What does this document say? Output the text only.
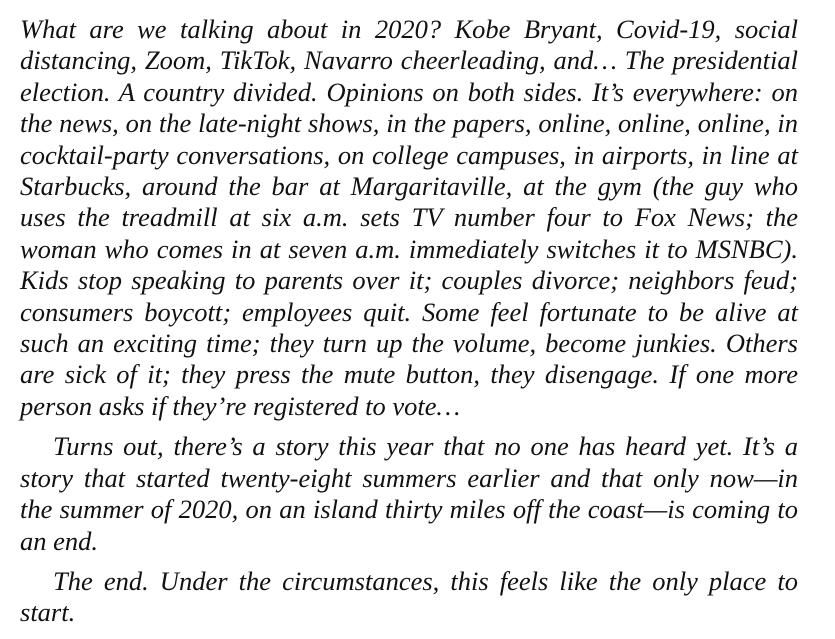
What are we talking about in 2020? Kobe Bryant, Covid-19, social distancing, Zoom, TikTok, Navarro cheerleading, and… The presidential election. A country divided. Opinions on both sides. It’s everywhere: on the news, on the late-night shows, in the papers, online, online, online, in cocktail-party conversations, on college campuses, in airports, in line at Starbucks, around the bar at Margaritaville, at the gym (the guy who uses the treadmill at six a.m. sets TV number four to Fox News; the woman who comes in at seven a.m. immediately switches it to MSNBC). Kids stop speaking to parents over it; couples divorce; neighbors feud; consumers boycott; employees quit. Some feel fortunate to be alive at such an exciting time; they turn up the volume, become junkies. Others are sick of it; they press the mute button, they disengage. If one more person asks if they’re registered to vote…

Turns out, there’s a story this year that no one has heard yet. It’s a story that started twenty-eight summers earlier and that only now—in the summer of 2020, on an island thirty miles off the coast—is coming to an end.

The end. Under the circumstances, this feels like the only place to start.
